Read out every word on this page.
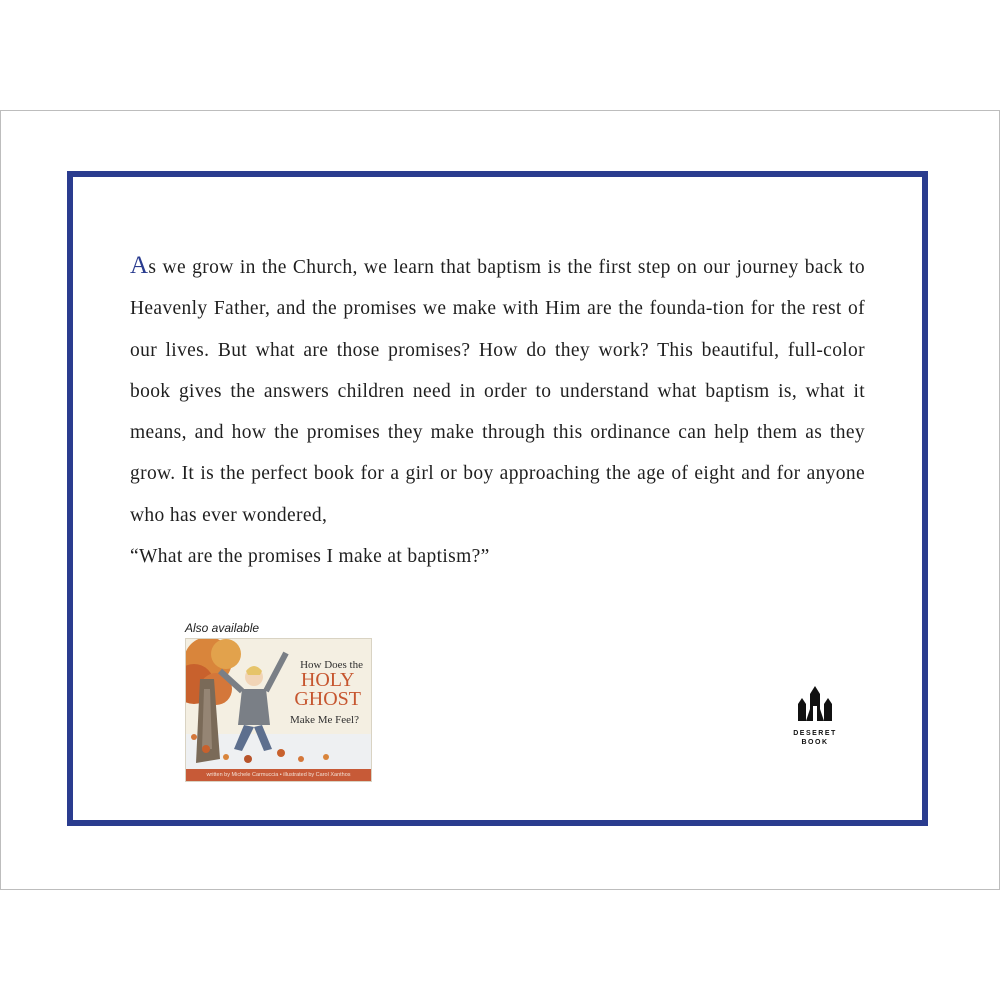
As we grow in the Church, we learn that baptism is the first step on our journey back to Heavenly Father, and the promises we make with Him are the founda-tion for the rest of our lives. But what are those promises? How do they work? This beautiful, full-color book gives the answers children need in order to understand what baptism is, what it means, and how the promises they make through this ordinance can help them as they grow. It is the perfect book for a girl or boy approaching the age of eight and for anyone who has ever wondered,
“What are the promises I make at baptism?”

Also available
How Does the
HOLY
GHOST
Make Me Feel?
written by Michele Carmuccia • illustrated by Carol Xanthos
DESERET
BOOK
